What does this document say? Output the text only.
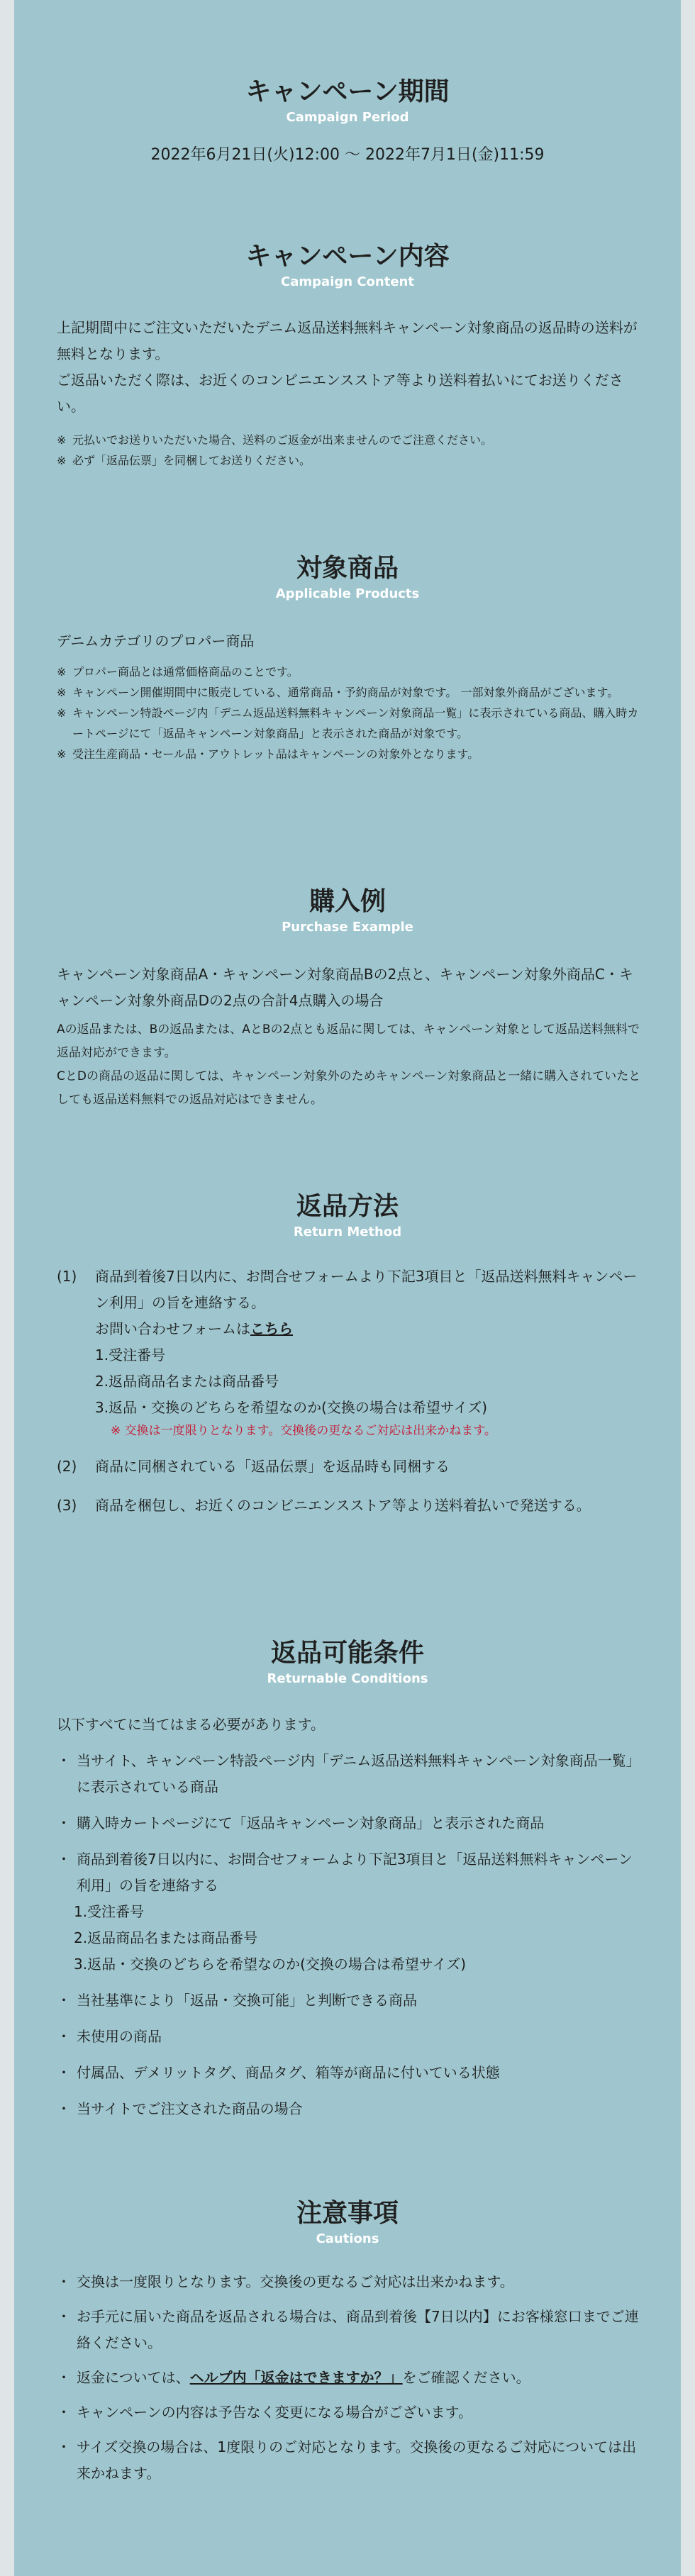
キャンペーン期間
Campaign Period
2022年6月21日(火)12:00 ～ 2022年7月1日(金)11:59
キャンペーン内容
Campaign Content

上記期間中にご注文いただいたデニム返品送料無料キャンペーン対象商品の返品時の送料が無料となります。

ご返品いただく際は、お近くのコンビニエンスストア等より送料着払いにてお送りください。

※ 元払いでお送りいただいた場合、送料のご返金が出来ませんのでご注意ください。
※ 必ず「返品伝票」を同梱してお送りください。
対象商品
Applicable Products

デニムカテゴリのプロパー商品

※ プロパー商品とは通常価格商品のことです。
※ キャンペーン開催期間中に販売している、通常商品・予約商品が対象です。 一部対象外商品がございます。
※ キャンペーン特設ページ内「デニム返品送料無料キャンペーン対象商品一覧」に表示されている商品、購入時カートページにて「返品キャンペーン対象商品」と表示された商品が対象です。
※ 受注生産商品・セール品・アウトレット品はキャンペーンの対象外となります。
購入例
Purchase Example

キャンペーン対象商品A・キャンペーン対象商品Bの2点と、キャンペーン対象外商品C・キャンペーン対象外商品Dの2点の合計4点購入の場合

Aの返品または、Bの返品または、AとBの2点とも返品に関しては、キャンペーン対象として返品送料無料で返品対応ができます。

CとDの商品の返品に関しては、キャンペーン対象外のためキャンペーン対象商品と一緒に購入されていたとしても返品送料無料での返品対応はできません。

返品方法
Return Method
(1)	商品到着後7日以内に、お問合せフォームより下記3項目と「返品送料無料キャンペーン利用」の旨を連絡する。
お問い合わせフォームはこちら
1.受注番号
2.返品商品名または商品番号
3.返品・交換のどちらを希望なのか(交換の場合は希望サイズ)
※ 交換は一度限りとなります。交換後の更なるご対応は出来かねます。
(2)	商品に同梱されている「返品伝票」を返品時も同梱する
(3)	商品を梱包し、お近くのコンビニエンスストア等より送料着払いで発送する。
返品可能条件
Returnable Conditions

以下すべてに当てはまる必要があります。

・ 当サイト、キャンペーン特設ページ内「デニム返品送料無料キャンペーン対象商品一覧」に表示されている商品
・ 購入時カートページにて「返品キャンペーン対象商品」と表示された商品
・ 商品到着後7日以内に、お問合せフォームより下記3項目と「返品送料無料キャンペーン利用」の旨を連絡する
1.受注番号
2.返品商品名または商品番号
3.返品・交換のどちらを希望なのか(交換の場合は希望サイズ)
・ 当社基準により「返品・交換可能」と判断できる商品
・ 未使用の商品
・ 付属品、デメリットタグ、商品タグ、箱等が商品に付いている状態
・ 当サイトでご注文された商品の場合
注意事項
Cautions
・ 交換は一度限りとなります。交換後の更なるご対応は出来かねます。
・ お手元に届いた商品を返品される場合は、商品到着後【7日以内】にお客様窓口までご連絡ください。
・ 返金については、ヘルプ内「返金はできますか？」をご確認ください。
・ キャンペーンの内容は予告なく変更になる場合がございます。
・ サイズ交換の場合は、1度限りのご対応となります。交換後の更なるご対応については出来かねます。
